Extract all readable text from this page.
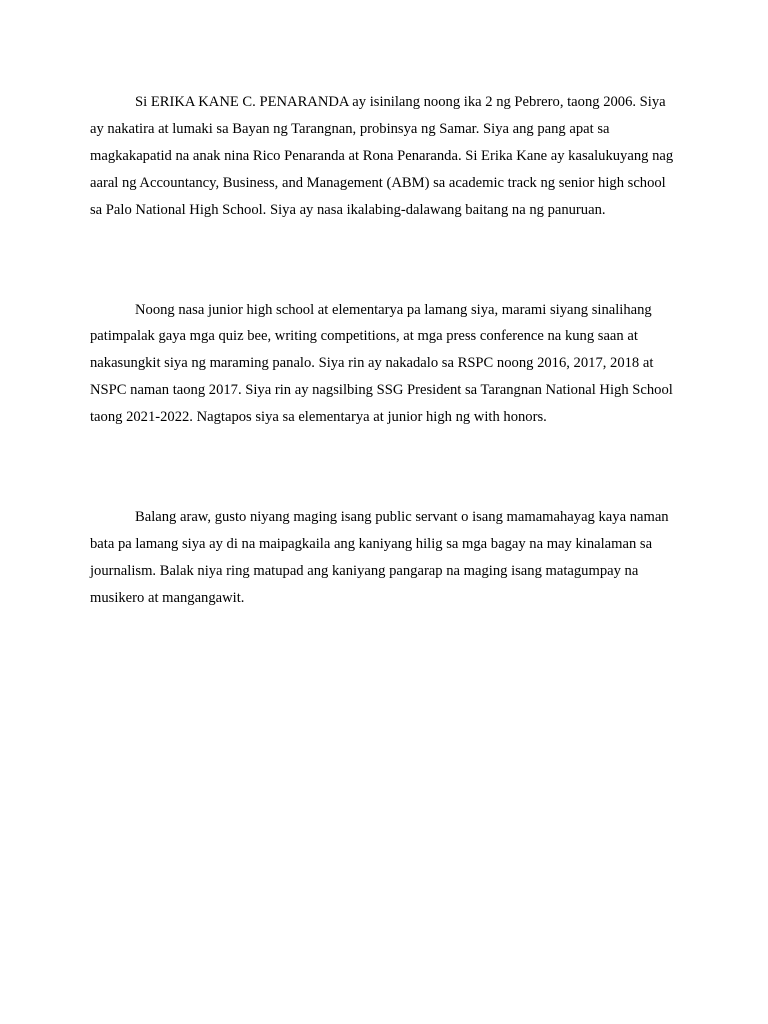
Si ERIKA KANE C. PENARANDA ay isinilang noong ika 2 ng Pebrero, taong 2006. Siya ay nakatira at lumaki sa Bayan ng Tarangnan, probinsya ng Samar. Siya ang pang apat sa magkakapatid na anak nina Rico Penaranda at Rona Penaranda. Si Erika Kane ay kasalukuyang nag aaral ng Accountancy, Business, and Management (ABM) sa academic track ng senior high school sa Palo National High School. Siya ay nasa ikalabing-dalawang baitang na ng panuruan.

Noong nasa junior high school at elementarya pa lamang siya, marami siyang sinalihang patimpalak gaya mga quiz bee, writing competitions, at mga press conference na kung saan at nakasungkit siya ng maraming panalo. Siya rin ay nakadalo sa RSPC noong 2016, 2017, 2018 at NSPC naman taong 2017. Siya rin ay nagsilbing SSG President sa Tarangnan National High School taong 2021-2022. Nagtapos siya sa elementarya at junior high ng with honors.

Balang araw, gusto niyang maging isang public servant o isang mamamahayag kaya naman bata pa lamang siya ay di na maipagkaila ang kaniyang hilig sa mga bagay na may kinalaman sa journalism. Balak niya ring matupad ang kaniyang pangarap na maging isang matagumpay na musikero at mangangawit.
